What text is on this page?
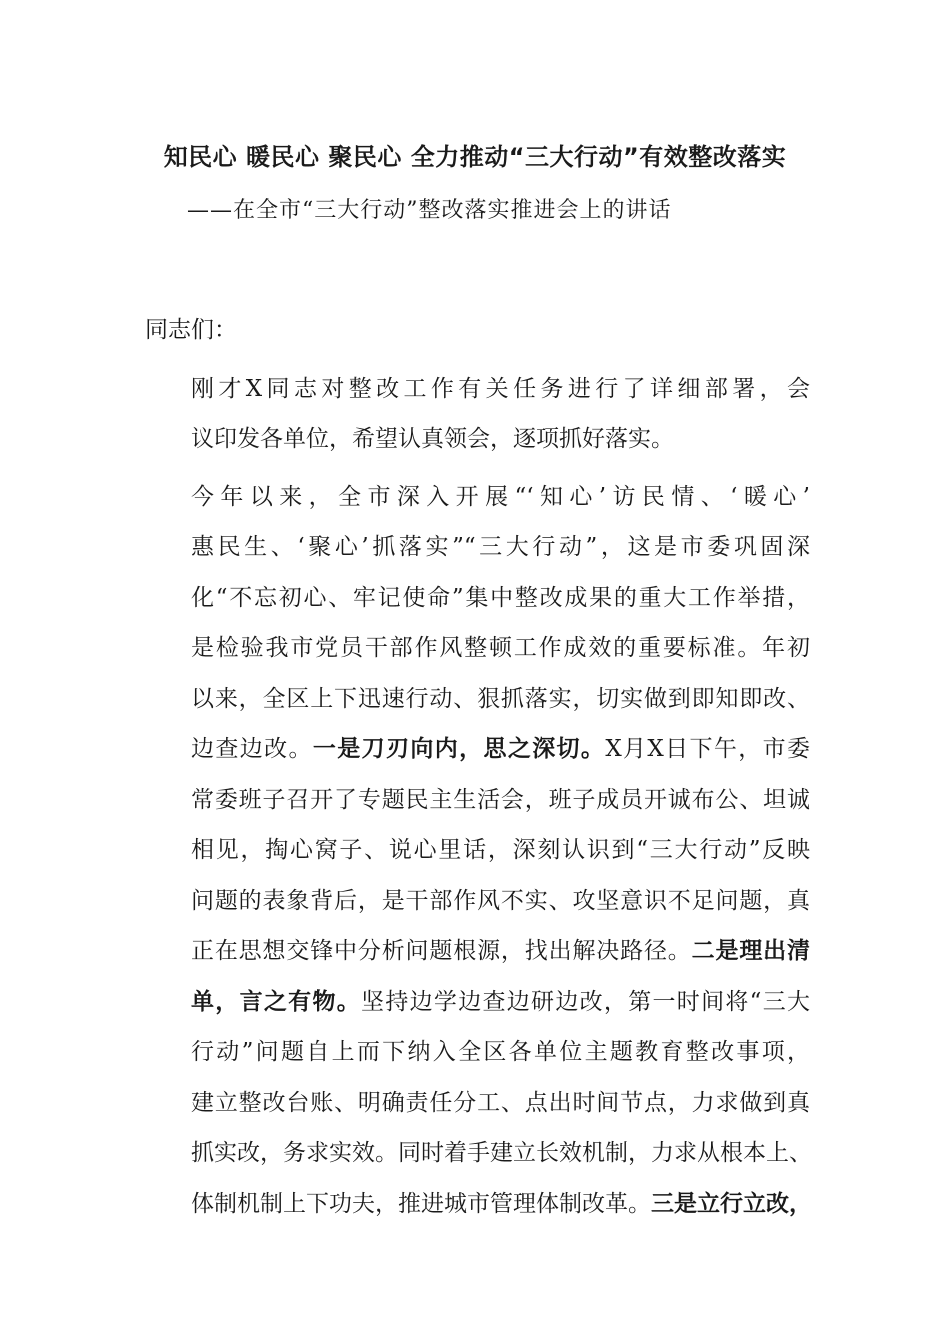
知民心 暖民心 聚民心 全力推动“三大行动”有效整改落实
——在全市“三大行动”整改落实推进会上的讲话

同志们：

刚才X同志对整改工作有关任务进行了详细部署，会
议印发各单位，希望认真领会，逐项抓好落实。

今年以来，全市深入开展“‘知心’访民情、‘暖心’
惠民生、‘聚心’抓落实”“三大行动”，这是市委巩固深
化“不忘初心、牢记使命”集中整改成果的重大工作举措，
是检验我市党员干部作风整顿工作成效的重要标准。年初
以来，全区上下迅速行动、狠抓落实，切实做到即知即改、
边查边改。一是刀刃向内，思之深切。X月X日下午，市委
常委班子召开了专题民主生活会，班子成员开诚布公、坦诚
相见，掏心窝子、说心里话，深刻认识到“三大行动”反映
问题的表象背后，是干部作风不实、攻坚意识不足问题，真
正在思想交锋中分析问题根源，找出解决路径。二是理出清
单，言之有物。坚持边学边查边研边改，第一时间将“三大
行动”问题自上而下纳入全区各单位主题教育整改事项，
建立整改台账、明确责任分工、点出时间节点，力求做到真
抓实改，务求实效。同时着手建立长效机制，力求从根本上、
体制机制上下功夫，推进城市管理体制改革。三是立行立改，
